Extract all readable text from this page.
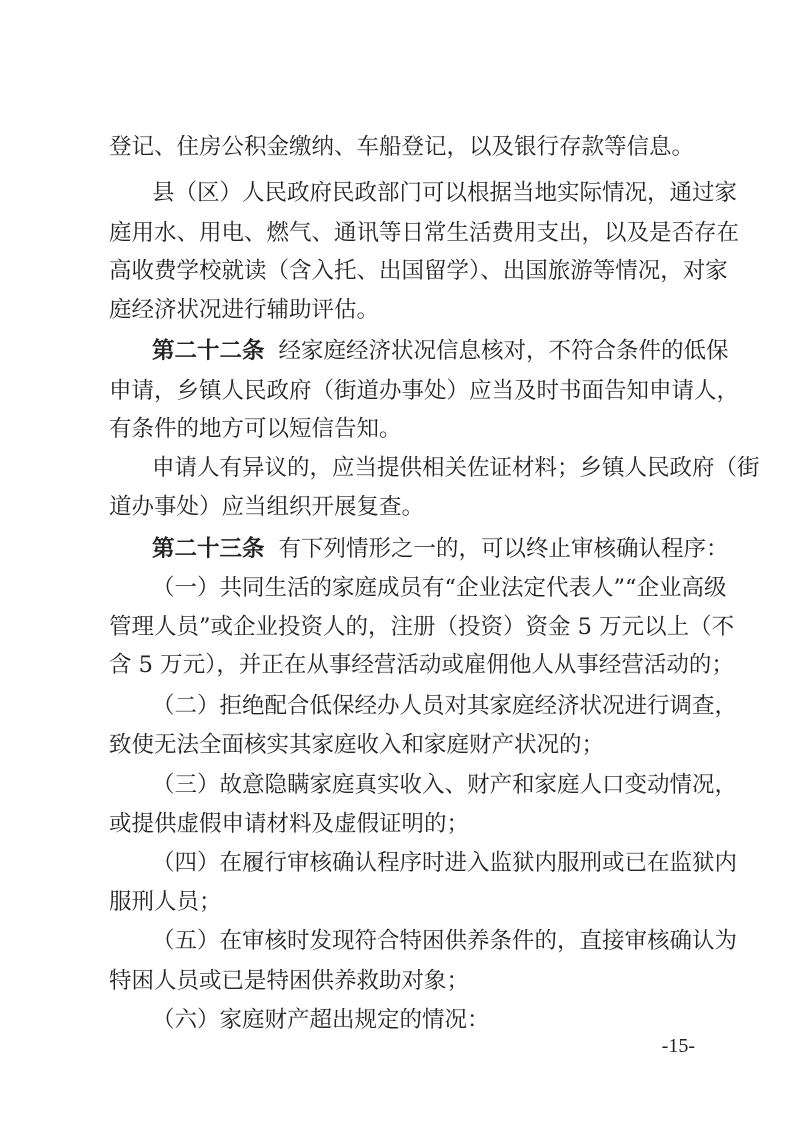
登记、住房公积金缴纳、车船登记，以及银行存款等信息。
县（区）人民政府民政部门可以根据当地实际情况，通过家
庭用水、用电、燃气、通讯等日常生活费用支出，以及是否存在
高收费学校就读（含入托、出国留学）、出国旅游等情况，对家
庭经济状况进行辅助评估。
第二十二条 经家庭经济状况信息核对，不符合条件的低保
申请，乡镇人民政府（街道办事处）应当及时书面告知申请人，
有条件的地方可以短信告知。
申请人有异议的，应当提供相关佐证材料；乡镇人民政府（街
道办事处）应当组织开展复查。
第二十三条 有下列情形之一的，可以终止审核确认程序：
（一）共同生活的家庭成员有“企业法定代表人”“企业高级
管理人员”或企业投资人的，注册（投资）资金 5 万元以上（不
含 5 万元），并正在从事经营活动或雇佣他人从事经营活动的；
（二）拒绝配合低保经办人员对其家庭经济状况进行调查，
致使无法全面核实其家庭收入和家庭财产状况的；
（三）故意隐瞒家庭真实收入、财产和家庭人口变动情况，
或提供虚假申请材料及虚假证明的；
（四）在履行审核确认程序时进入监狱内服刑或已在监狱内
服刑人员；
（五）在审核时发现符合特困供养条件的，直接审核确认为
特困人员或已是特困供养救助对象；
（六）家庭财产超出规定的情况：
-15-
